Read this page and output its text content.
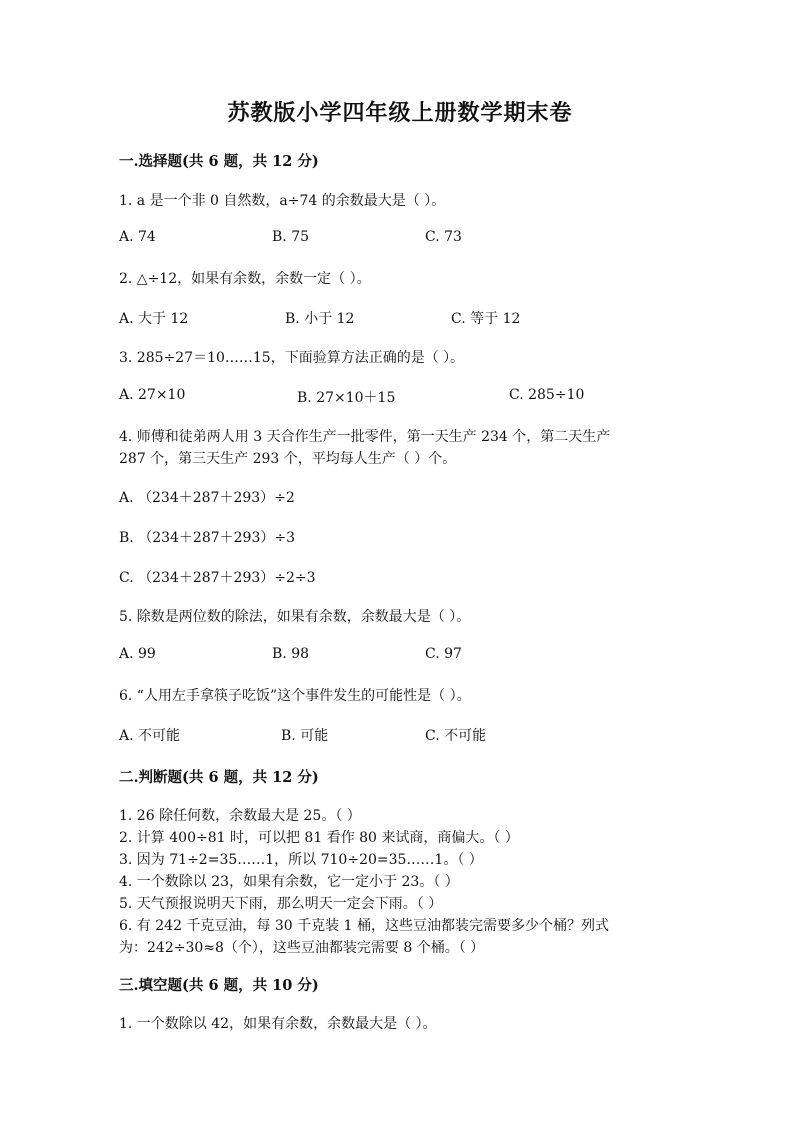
苏教版小学四年级上册数学期末卷
一.选择题(共 6 题，共 12 分)
1. a 是一个非 0 自然数，a÷74 的余数最大是（ ）。
A. 74	B. 75	C. 73
2. △÷12，如果有余数，余数一定（ ）。
A. 大于 12	B. 小于 12	C. 等于 12
3. 285÷27＝10……15，下面验算方法正确的是（ ）。
A. 27×10	B. 27×10＋15	C. 285÷10
4. 师傅和徒弟两人用 3 天合作生产一批零件，第一天生产 234 个，第二天生产
287 个，第三天生产 293 个，平均每人生产（ ）个。
A. （234＋287＋293）÷2
B. （234＋287＋293）÷3
C. （234＋287＋293）÷2÷3
5. 除数是两位数的除法，如果有余数，余数最大是（ ）。
A. 99	B. 98	C. 97
6. “人用左手拿筷子吃饭”这个事件发生的可能性是（ ）。
A. 不可能	B. 可能	C. 不可能
二.判断题(共 6 题，共 12 分)
1. 26 除任何数，余数最大是 25。（ ）
2. 计算 400÷81 时，可以把 81 看作 80 来试商，商偏大。（ ）
3. 因为 71÷2=35……1，所以 710÷20=35……1。（ ）
4. 一个数除以 23，如果有余数，它一定小于 23。（ ）
5. 天气预报说明天下雨，那么明天一定会下雨。（ ）
6. 有 242 千克豆油，每 30 千克装 1 桶，这些豆油都装完需要多少个桶？列式
为：242÷30≈8（个），这些豆油都装完需要 8 个桶。（ ）
三.填空题(共 6 题，共 10 分)
1. 一个数除以 42，如果有余数，余数最大是（ ）。
